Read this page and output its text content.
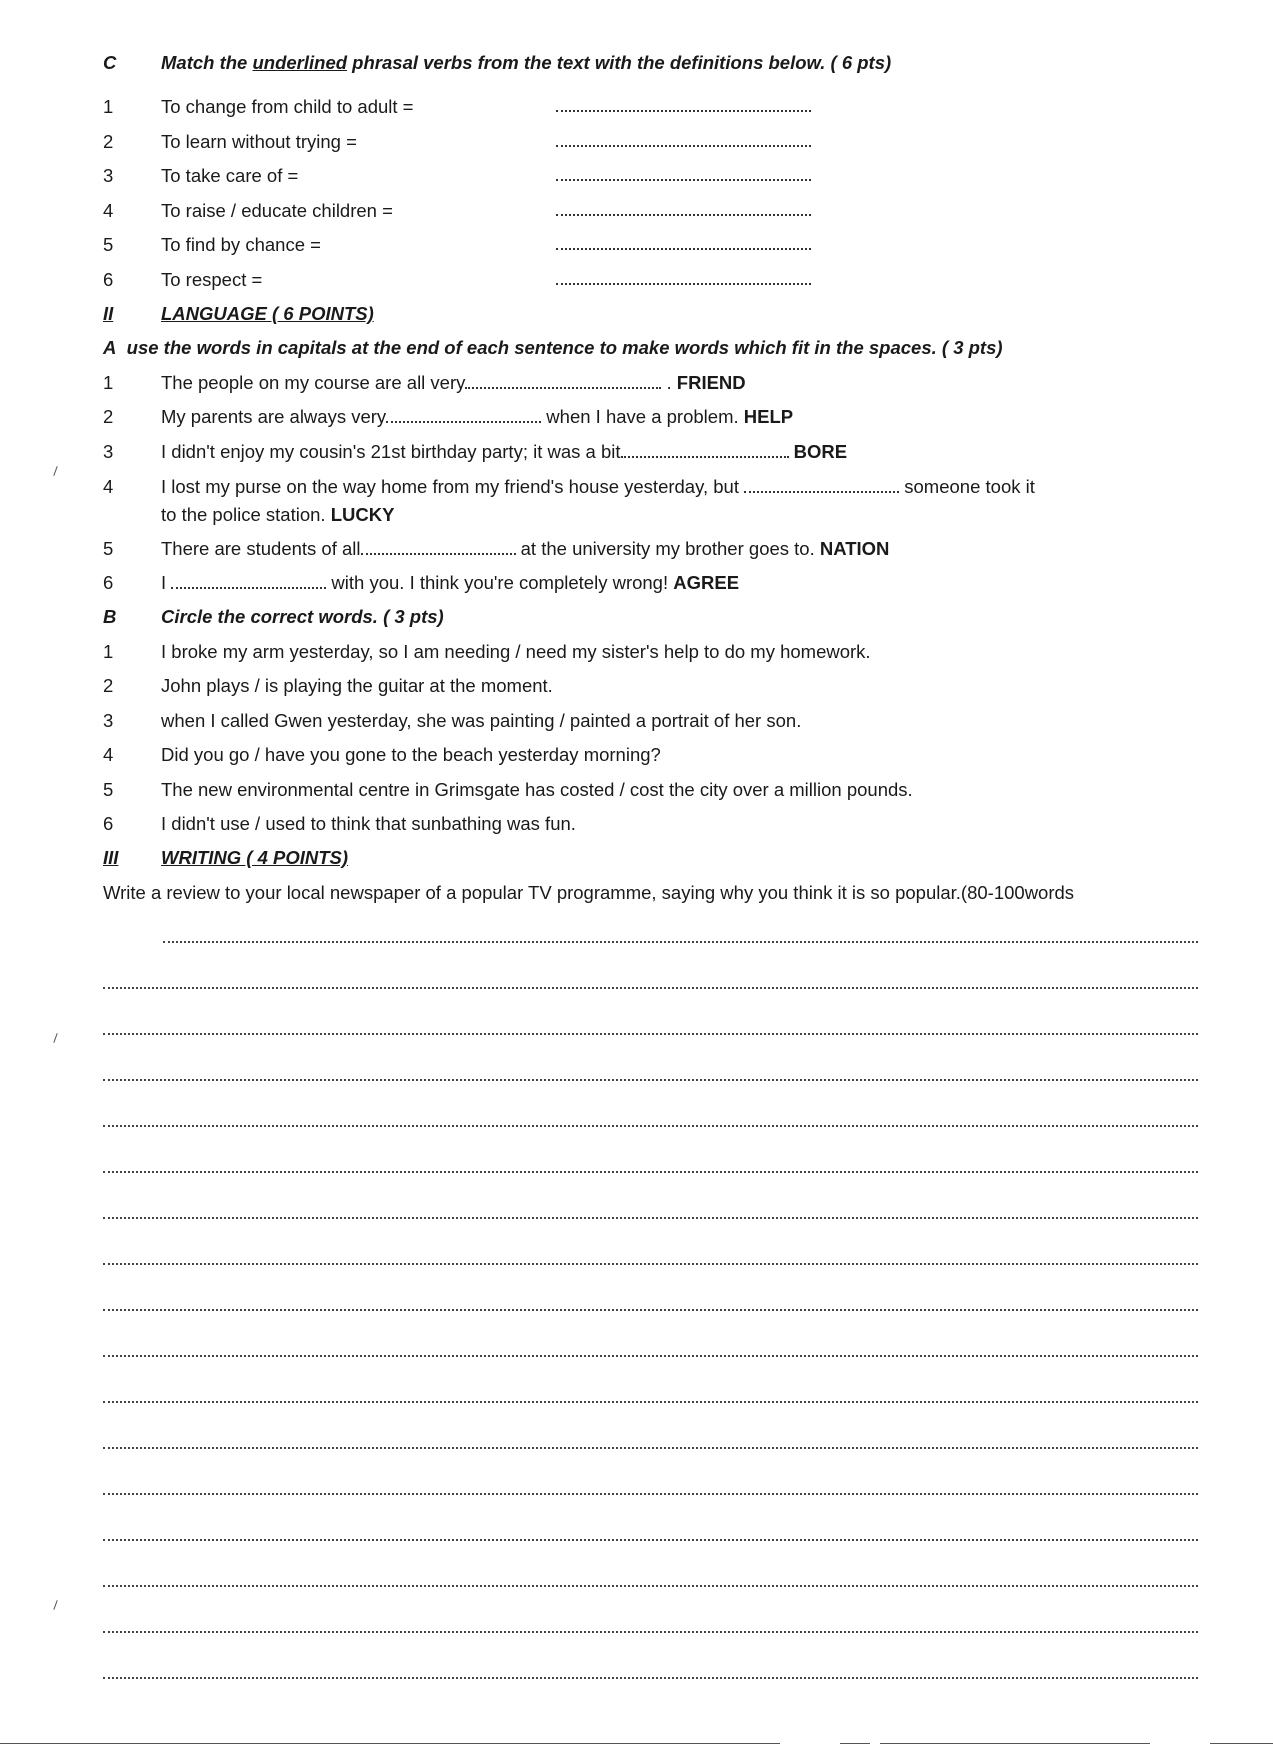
C Match the underlined phrasal verbs from the text with the definitions below. ( 6 pts)
1	To change from child to adult =
2	To learn without trying =
3	To take care of =
4	To raise / educate children =
5	To find by chance =
6	To respect =
II	LANGUAGE ( 6 POINTS)
A use the words in capitals at the end of each sentence to make words which fit in the spaces. ( 3 pts)
1	The people on my course are all very	. FRIEND
2	My parents are always very	when I have a problem. HELP
3	I didn't enjoy my cousin's 21st birthday party; it was a bit	BORE
4	I lost my purse on the way home from my friend's house yesterday, but	someone took it
to the police station. LUCKY
5	There are students of all	at the university my brother goes to. NATION
6	I	with you. I think you're completely wrong! AGREE
B Circle the correct words. ( 3 pts)
1	I broke my arm yesterday, so I am needing / need my sister's help to do my homework.
2	John plays / is playing the guitar at the moment.
3	when I called Gwen yesterday, she was painting / painted a portrait of her son.
4	Did you go / have you gone to the beach yesterday morning?
5	The new environmental centre in Grimsgate has costed / cost the city over a million pounds.
6	I didn't use / used to think that sunbathing was fun.
III WRITING ( 4 POINTS)
Write a review to your local newspaper of a popular TV programme, saying why you think it is so popular.(80-100words
